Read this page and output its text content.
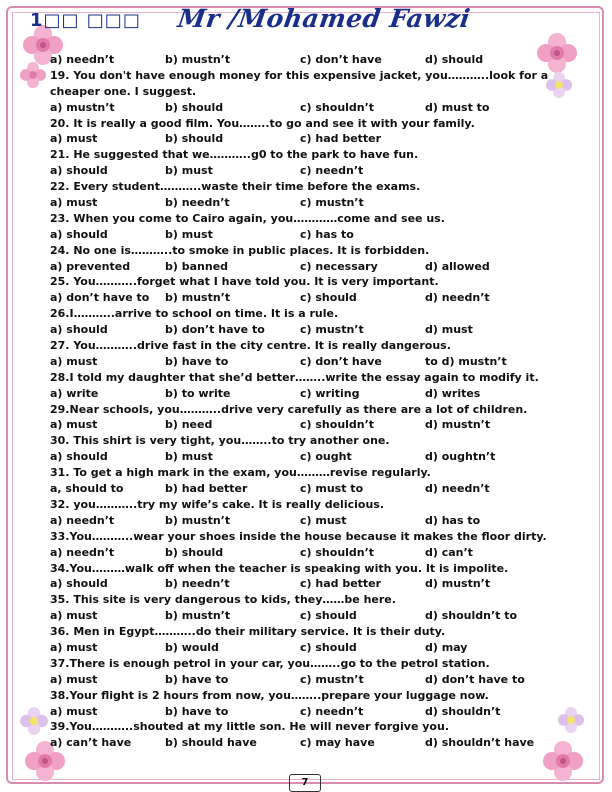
1□□ □□□ Mr /Mohamed Fawzi
a) needn’t	b) mustn’t	c) don’t have	d) should
19. You don't have enough money for this expensive jacket, you………..look for a
cheaper one. I suggest.
a) mustn’t	b) should	c) shouldn’t	d) must to
20. It is really a good film. You……..to go and see it with your family.
a) must	b) should	c) had better
21. He suggested that we………..g0 to the park to have fun.
a) should	b) must	c) needn’t
22. Every student………..waste their time before the exams.
a) must	b) needn’t	c) mustn’t
23. When you come to Cairo again, you…………come and see us.
a) should	b) must	c) has to
24. No one is………..to smoke in public places. It is forbidden.
a) prevented	b) banned	c) necessary	d) allowed
25. You………..forget what I have told you. It is very important.
a) don’t have to b) mustn’t	c) should	d) needn’t
26.I………..arrive to school on time. It is a rule.
a) should	b) don’t have to	c) mustn’t	d) must
27. You………..drive fast in the city centre. It is really dangerous.
a) must	b) have to	c) don’t have	to d) mustn’t
28.I told my daughter that she’d better……..write the essay again to modify it.
a) write	b) to write	c) writing	d) writes
29.Near schools, you………..drive very carefully as there are a lot of children.
a) must	b) need	c) shouldn’t	d) mustn’t
30. This shirt is very tight, you……..to try another one.
a) should	b) must	c) ought	d) oughtn’t
31. To get a high mark in the exam, you………revise regularly.
a, should to	b) had better	c) must to	d) needn’t
32. you………..try my wife’s cake. It is really delicious.
a) needn’t	b) mustn’t	c) must	d) has to
33.You………..wear your shoes inside the house because it makes the floor dirty.
a) needn’t	b) should	c) shouldn’t	d) can’t
34.You………walk off when the teacher is speaking with you. It is impolite.
a) should	b) needn’t	c) had better	d) mustn’t
35. This site is very dangerous to kids, they……be here.
a) must	b) mustn’t	c) should	d) shouldn’t to
36. Men in Egypt………..do their military service. It is their duty.
a) must	b) would	c) should	d) may
37.There is enough petrol in your car, you……..go to the petrol station.
a) must	b) have to	c) mustn’t	d) don’t have to
38.Your flight is 2 hours from now, you……..prepare your luggage now.
a) must	b) have to	c) needn’t	d) shouldn’t
39.You………..shouted at my little son. He will never forgive you.
a) can’t have	b) should have	c) may have	d) shouldn’t have
7
